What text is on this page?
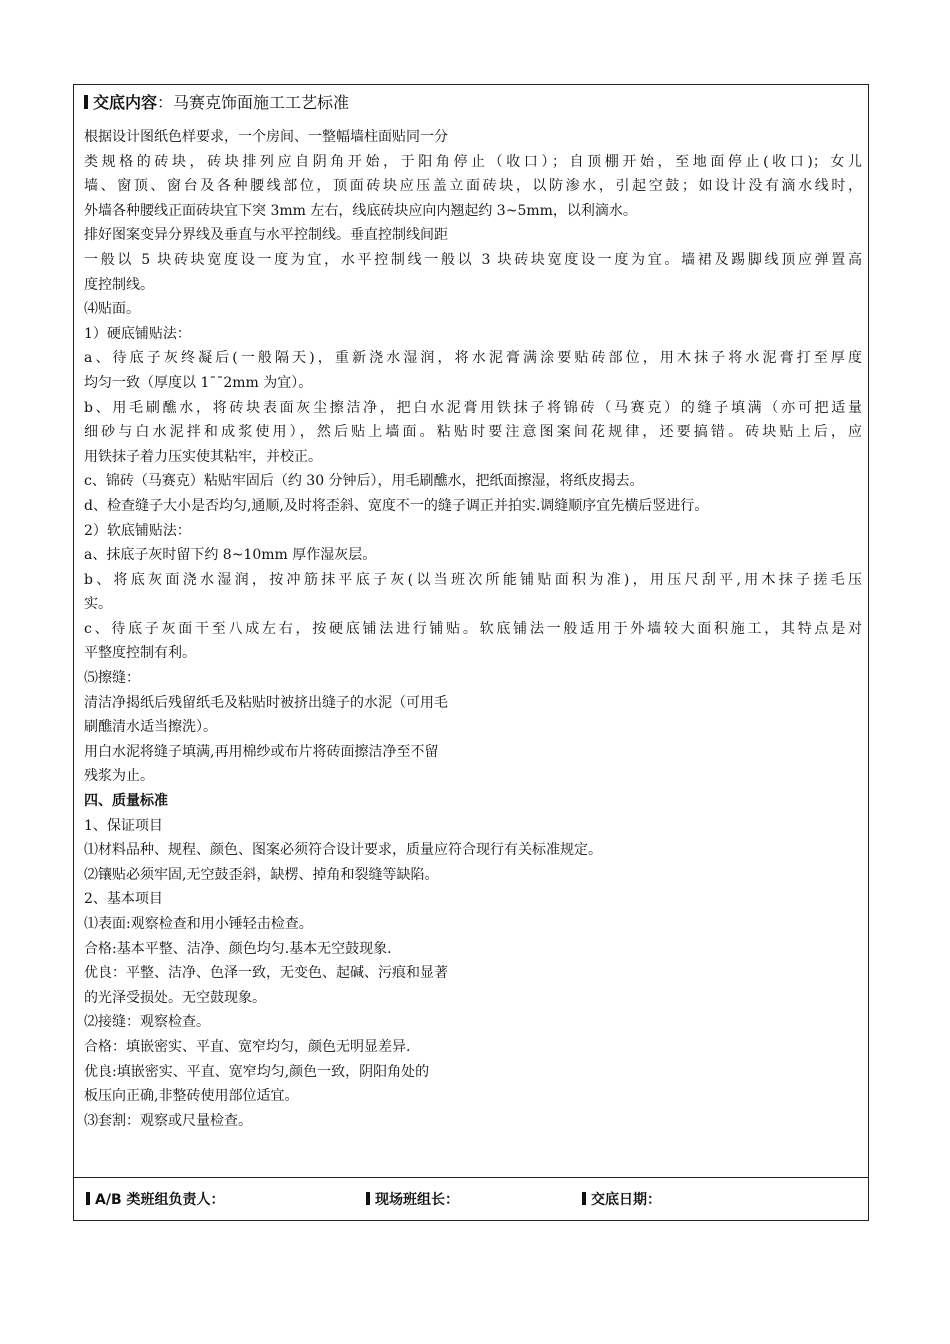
交底内容：马赛克饰面施工工艺标准
根据设计图纸色样要求，一个房间、一整幅墙柱面贴同一分
类规格的砖块，砖块排列应自阴角开始，于阳角停止（收口）；自顶棚开始，至地面停止(收口)；女儿
墙、窗顶、窗台及各种腰线部位，顶面砖块应压盖立面砖块，以防渗水，引起空鼓；如设计没有滴水线时，
外墙各种腰线正面砖块宜下突 3mm 左右，线底砖块应向内翘起约 3~5mm，以利滴水。
排好图案变异分界线及垂直与水平控制线。垂直控制线间距
一般以 5 块砖块宽度设一度为宜，水平控制线一般以 3 块砖块宽度设一度为宜。墙裙及踢脚线顶应弹置高
度控制线。
⑷贴面。
1）硬底铺贴法：
a、待底子灰终凝后(一般隔天)，重新浇水湿润，将水泥膏满涂要贴砖部位，用木抹子将水泥膏打至厚度
均匀一致（厚度以 1¯¯2mm 为宜）。
b、用毛刷醮水，将砖块表面灰尘擦洁净，把白水泥膏用铁抹子将锦砖（马赛克）的缝子填满（亦可把适量
细砂与白水泥拌和成浆使用），然后贴上墙面。粘贴时要注意图案间花规律，还要搞错。砖块贴上后，应
用铁抹子着力压实使其粘牢，并校正。
c、锦砖（马赛克）粘贴牢固后（约 30 分钟后），用毛刷醮水，把纸面擦湿，将纸皮揭去。
d、检查缝子大小是否均匀,通顺,及时将歪斜、宽度不一的缝子调正并拍实.调缝顺序宜先横后竖进行。
2）软底铺贴法：
a、抹底子灰时留下约 8~10mm 厚作湿灰层。
b、将底灰面浇水湿润，按冲筋抹平底子灰(以当班次所能铺贴面积为准)，用压尺刮平,用木抹子搓毛压
实。
c、待底子灰面干至八成左右，按硬底铺法进行铺贴。软底铺法一般适用于外墙较大面积施工，其特点是对
平整度控制有利。
⑸擦缝：
清洁净揭纸后残留纸毛及粘贴时被挤出缝子的水泥（可用毛
刷醮清水适当擦洗）。
用白水泥将缝子填满,再用棉纱或布片将砖面擦洁净至不留
残浆为止。
四、质量标准
1、保证项目
⑴材料品种、规程、颜色、图案必须符合设计要求，质量应符合现行有关标准规定。
⑵镶贴必须牢固,无空鼓歪斜，缺楞、掉角和裂缝等缺陷。
2、基本项目
⑴表面:观察检查和用小锤轻击检查。
合格:基本平整、洁净、颜色均匀.基本无空鼓现象.
优良：平整、洁净、色泽一致，无变色、起碱、污痕和显著
的光泽受损处。无空鼓现象。
⑵接缝：观察检查。
合格：填嵌密实、平直、宽窄均匀，颜色无明显差异.
优良:填嵌密实、平直、宽窄均匀,颜色一致，阴阳角处的
板压向正确,非整砖使用部位适宜。
⑶套割：观察或尺量检查。
A/B 类班组负责人：	现场班组长：	交底日期：
